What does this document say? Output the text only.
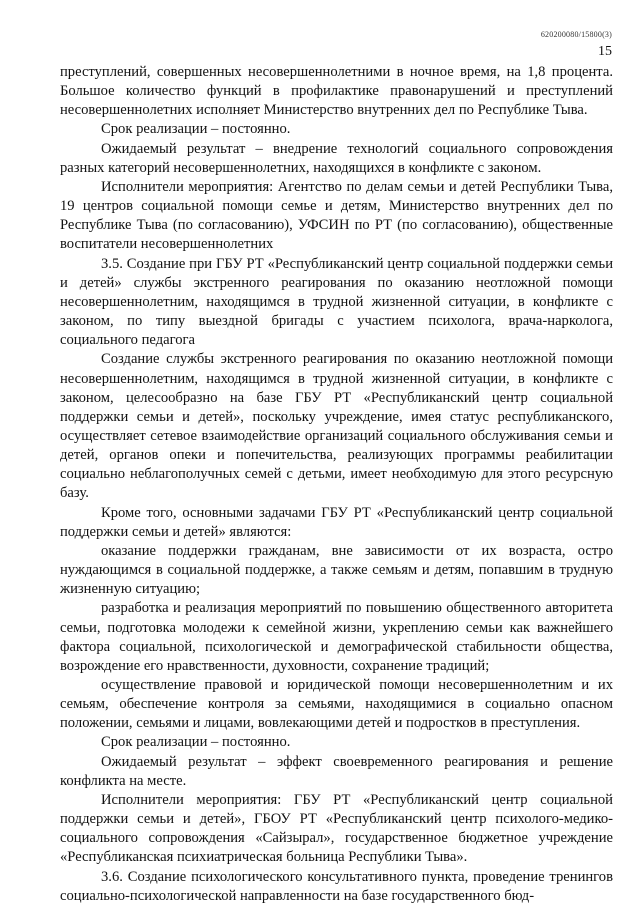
620200080/15800(3)
15

преступлений, совершенных несовершеннолетними в ночное время, на 1,8 процента. Большое количество функций в профилактике правонарушений и преступлений несовершеннолетних исполняет Министерство внутренних дел по Республике Тыва.

Срок реализации – постоянно.

Ожидаемый результат – внедрение технологий социального сопровождения разных категорий несовершеннолетних, находящихся в конфликте с законом.

Исполнители мероприятия: Агентство по делам семьи и детей Республики Тыва, 19 центров социальной помощи семье и детям, Министерство внутренних дел по Республике Тыва (по согласованию), УФСИН по РТ (по согласованию), общественные воспитатели несовершеннолетних

3.5. Создание при ГБУ РТ «Республиканский центр социальной поддержки семьи и детей» службы экстренного реагирования по оказанию неотложной помощи несовершеннолетним, находящимся в трудной жизненной ситуации, в конфликте с законом, по типу выездной бригады с участием психолога, врача-нарколога, социального педагога

Создание службы экстренного реагирования по оказанию неотложной помощи несовершеннолетним, находящимся в трудной жизненной ситуации, в конфликте с законом, целесообразно на базе ГБУ РТ «Республиканский центр социальной поддержки семьи и детей», поскольку учреждение, имея статус республиканского, осуществляет сетевое взаимодействие организаций социального обслуживания семьи и детей, органов опеки и попечительства, реализующих программы реабилитации социально неблагополучных семей с детьми, имеет необходимую для этого ресурсную базу.

Кроме того, основными задачами ГБУ РТ «Республиканский центр социальной поддержки семьи и детей» являются:

оказание поддержки гражданам, вне зависимости от их возраста, остро нуждающимся в социальной поддержке, а также семьям и детям, попавшим в трудную жизненную ситуацию;

разработка и реализация мероприятий по повышению общественного авторитета семьи, подготовка молодежи к семейной жизни, укреплению семьи как важнейшего фактора социальной, психологической и демографической стабильности общества, возрождение его нравственности, духовности, сохранение традиций;

осуществление правовой и юридической помощи несовершеннолетним и их семьям, обеспечение контроля за семьями, находящимися в социально опасном положении, семьями и лицами, вовлекающими детей и подростков в преступления.

Срок реализации – постоянно.

Ожидаемый результат – эффект своевременного реагирования и решение конфликта на месте.

Исполнители мероприятия: ГБУ РТ «Республиканский центр социальной поддержки семьи и детей», ГБОУ РТ «Республиканский центр психолого-медико-социального сопровождения «Сайзырал», государственное бюджетное учреждение «Республиканская психиатрическая больница Республики Тыва».

3.6. Создание психологического консультативного пункта, проведение тренингов социально-психологической направленности на базе государственного бюд-
